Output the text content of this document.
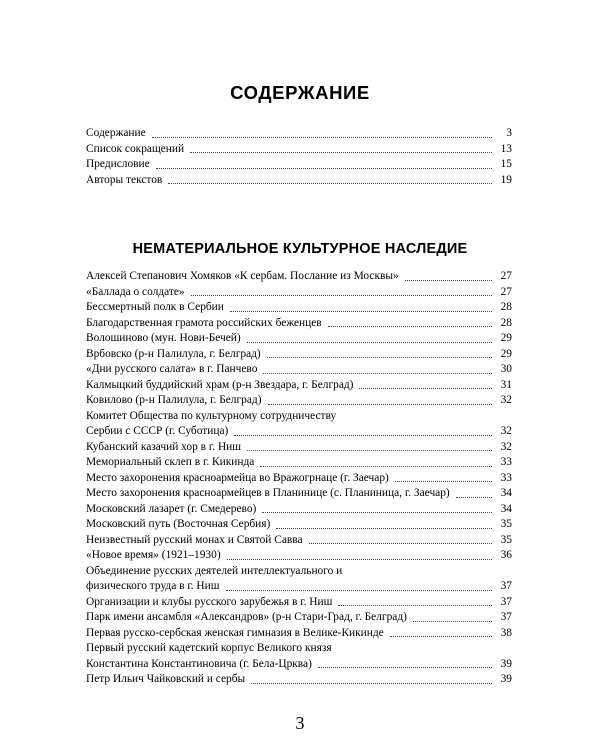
СОДЕРЖАНИЕ
Содержание	3
Список сокращений	13
Предисловие	15
Авторы текстов	19
НЕМАТЕРИАЛЬНОЕ КУЛЬТУРНОЕ НАСЛЕДИЕ
Алексей Степанович Хомяков «К сербам. Послание из Москвы»	27
«Баллада о солдате»	27
Бессмертный полк в Сербии	28
Благодарственная грамота российских беженцев	28
Волошиново (мун. Нови-Бечей)	29
Врбовско (р-н Палилула, г. Белград)	29
«Дни русского салата» в г. Панчево	30
Калмыцкий буддийский храм (р-н Звездара, г. Белград)	31
Ковилово (р-н Палилула, г. Белград)	32
Комитет Общества по культурному сотрудничеству
Сербии с СССР (г. Суботица)	32
Кубанский казачий хор в г. Ниш	32
Мемориальный склеп в г. Кикинда	33
Место захоронения красноармейца во Вражогрнаце (г. Заечар)	33
Место захоронения красноармейцев в Планинице (с. Планиница, г. Заечар)	34
Московский лазарет (г. Смедерево)	34
Московский путь (Восточная Сербия)	35
Неизвестный русский монах и Святой Савва	35
«Новое время» (1921–1930)	36
Объединение русских деятелей интеллектуального и
физического труда в г. Ниш	37
Организации и клубы русского зарубежья в г. Ниш	37
Парк имени ансамбля «Александров» (р-н Стари-Град, г. Белград)	37
Первая русско-сербская женская гимназия в Велике-Кикинде	38
Первый русский кадетский корпус Великого князя
Константина Константиновича (г. Бела-Црква)	39
Петр Ильич Чайковский и сербы	39
3
